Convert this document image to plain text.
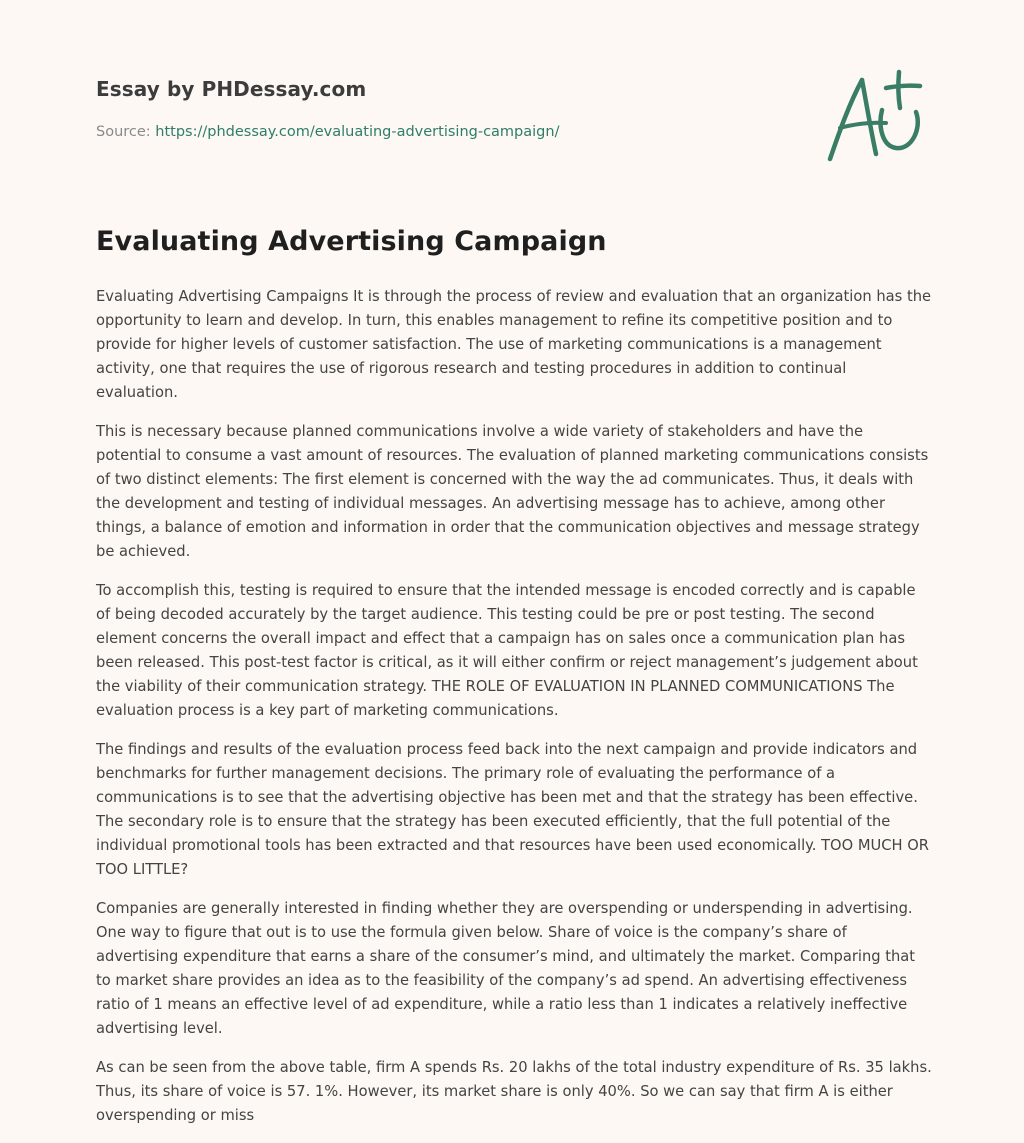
Essay by PHDessay.com

Source: https://phdessay.com/evaluating-advertising-campaign/

Evaluating Advertising Campaign

Evaluating Advertising Campaigns It is through the process of review and evaluation that an organization has the opportunity to learn and develop. In turn, this enables management to refine its competitive position and to provide for higher levels of customer satisfaction. The use of marketing communications is a management activity, one that requires the use of rigorous research and testing procedures in addition to continual evaluation.

This is necessary because planned communications involve a wide variety of stakeholders and have the potential to consume a vast amount of resources. The evaluation of planned marketing communications consists of two distinct elements: The first element is concerned with the way the ad communicates. Thus, it deals with the development and testing of individual messages. An advertising message has to achieve, among other things, a balance of emotion and information in order that the communication objectives and message strategy be achieved.

To accomplish this, testing is required to ensure that the intended message is encoded correctly and is capable of being decoded accurately by the target audience. This testing could be pre or post testing. The second element concerns the overall impact and effect that a campaign has on sales once a communication plan has been released. This post-test factor is critical, as it will either confirm or reject management’s judgement about the viability of their communication strategy. THE ROLE OF EVALUATION IN PLANNED COMMUNICATIONS The evaluation process is a key part of marketing communications.

The findings and results of the evaluation process feed back into the next campaign and provide indicators and benchmarks for further management decisions. The primary role of evaluating the performance of a communications is to see that the advertising objective has been met and that the strategy has been effective. The secondary role is to ensure that the strategy has been executed efficiently, that the full potential of the individual promotional tools has been extracted and that resources have been used economically. TOO MUCH OR TOO LITTLE?

Companies are generally interested in finding whether they are overspending or underspending in advertising. One way to figure that out is to use the formula given below. Share of voice is the company’s share of advertising expenditure that earns a share of the consumer’s mind, and ultimately the market. Comparing that to market share provides an idea as to the feasibility of the company’s ad spend. An advertising effectiveness ratio of 1 means an effective level of ad expenditure, while a ratio less than 1 indicates a relatively ineffective advertising level.

As can be seen from the above table, firm A spends Rs. 20 lakhs of the total industry expenditure of Rs. 35 lakhs. Thus, its share of voice is 57. 1%. However, its market share is only 40%. So we can say that firm A is either overspending or miss
